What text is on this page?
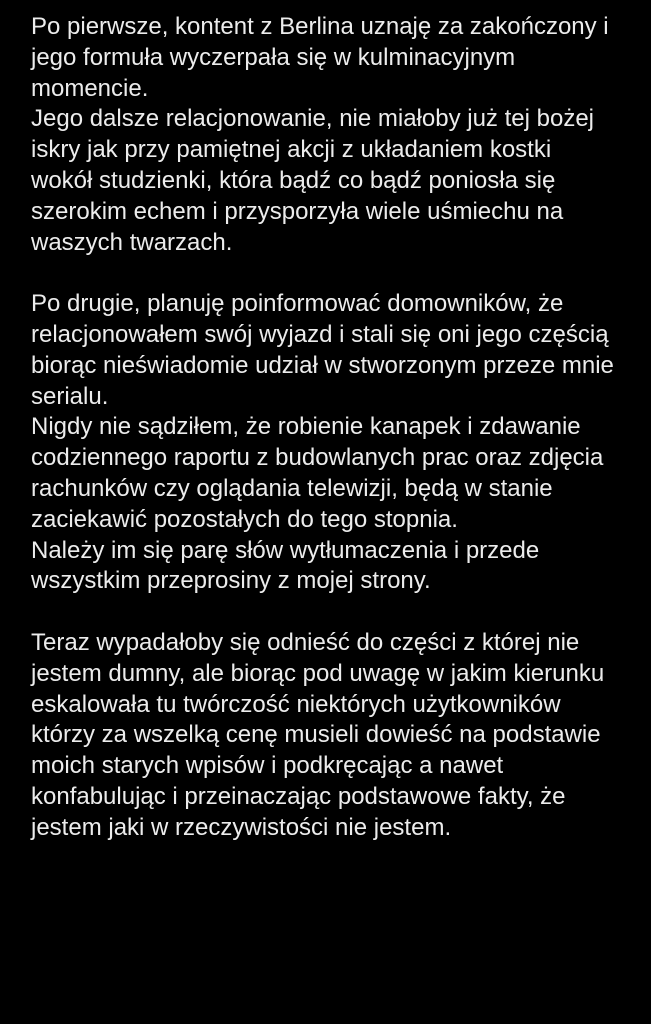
Po pierwsze, kontent z Berlina uznaję za zakończony i
jego formuła wyczerpała się w kulminacyjnym
momencie.
Jego dalsze relacjonowanie, nie miałoby już tej bożej
iskry jak przy pamiętnej akcji z układaniem kostki
wokół studzienki, która bądź co bądź poniosła się
szerokim echem i przysporzyła wiele uśmiechu na
waszych twarzach.
Po drugie, planuję poinformować domowników, że
relacjonowałem swój wyjazd i stali się oni jego częścią
biorąc nieświadomie udział w stworzonym przeze mnie
serialu.
Nigdy nie sądziłem, że robienie kanapek i zdawanie
codziennego raportu z budowlanych prac oraz zdjęcia
rachunków czy oglądania telewizji, będą w stanie
zaciekawić pozostałych do tego stopnia.
Należy im się parę słów wytłumaczenia i przede
wszystkim przeprosiny z mojej strony.
Teraz wypadałoby się odnieść do części z której nie
jestem dumny, ale biorąc pod uwagę w jakim kierunku
eskalowała tu twórczość niektórych użytkowników
którzy za wszelką cenę musieli dowieść na podstawie
moich starych wpisów i podkręcając a nawet
konfabulując i przeinaczając podstawowe fakty, że
jestem jaki w rzeczywistości nie jestem.
